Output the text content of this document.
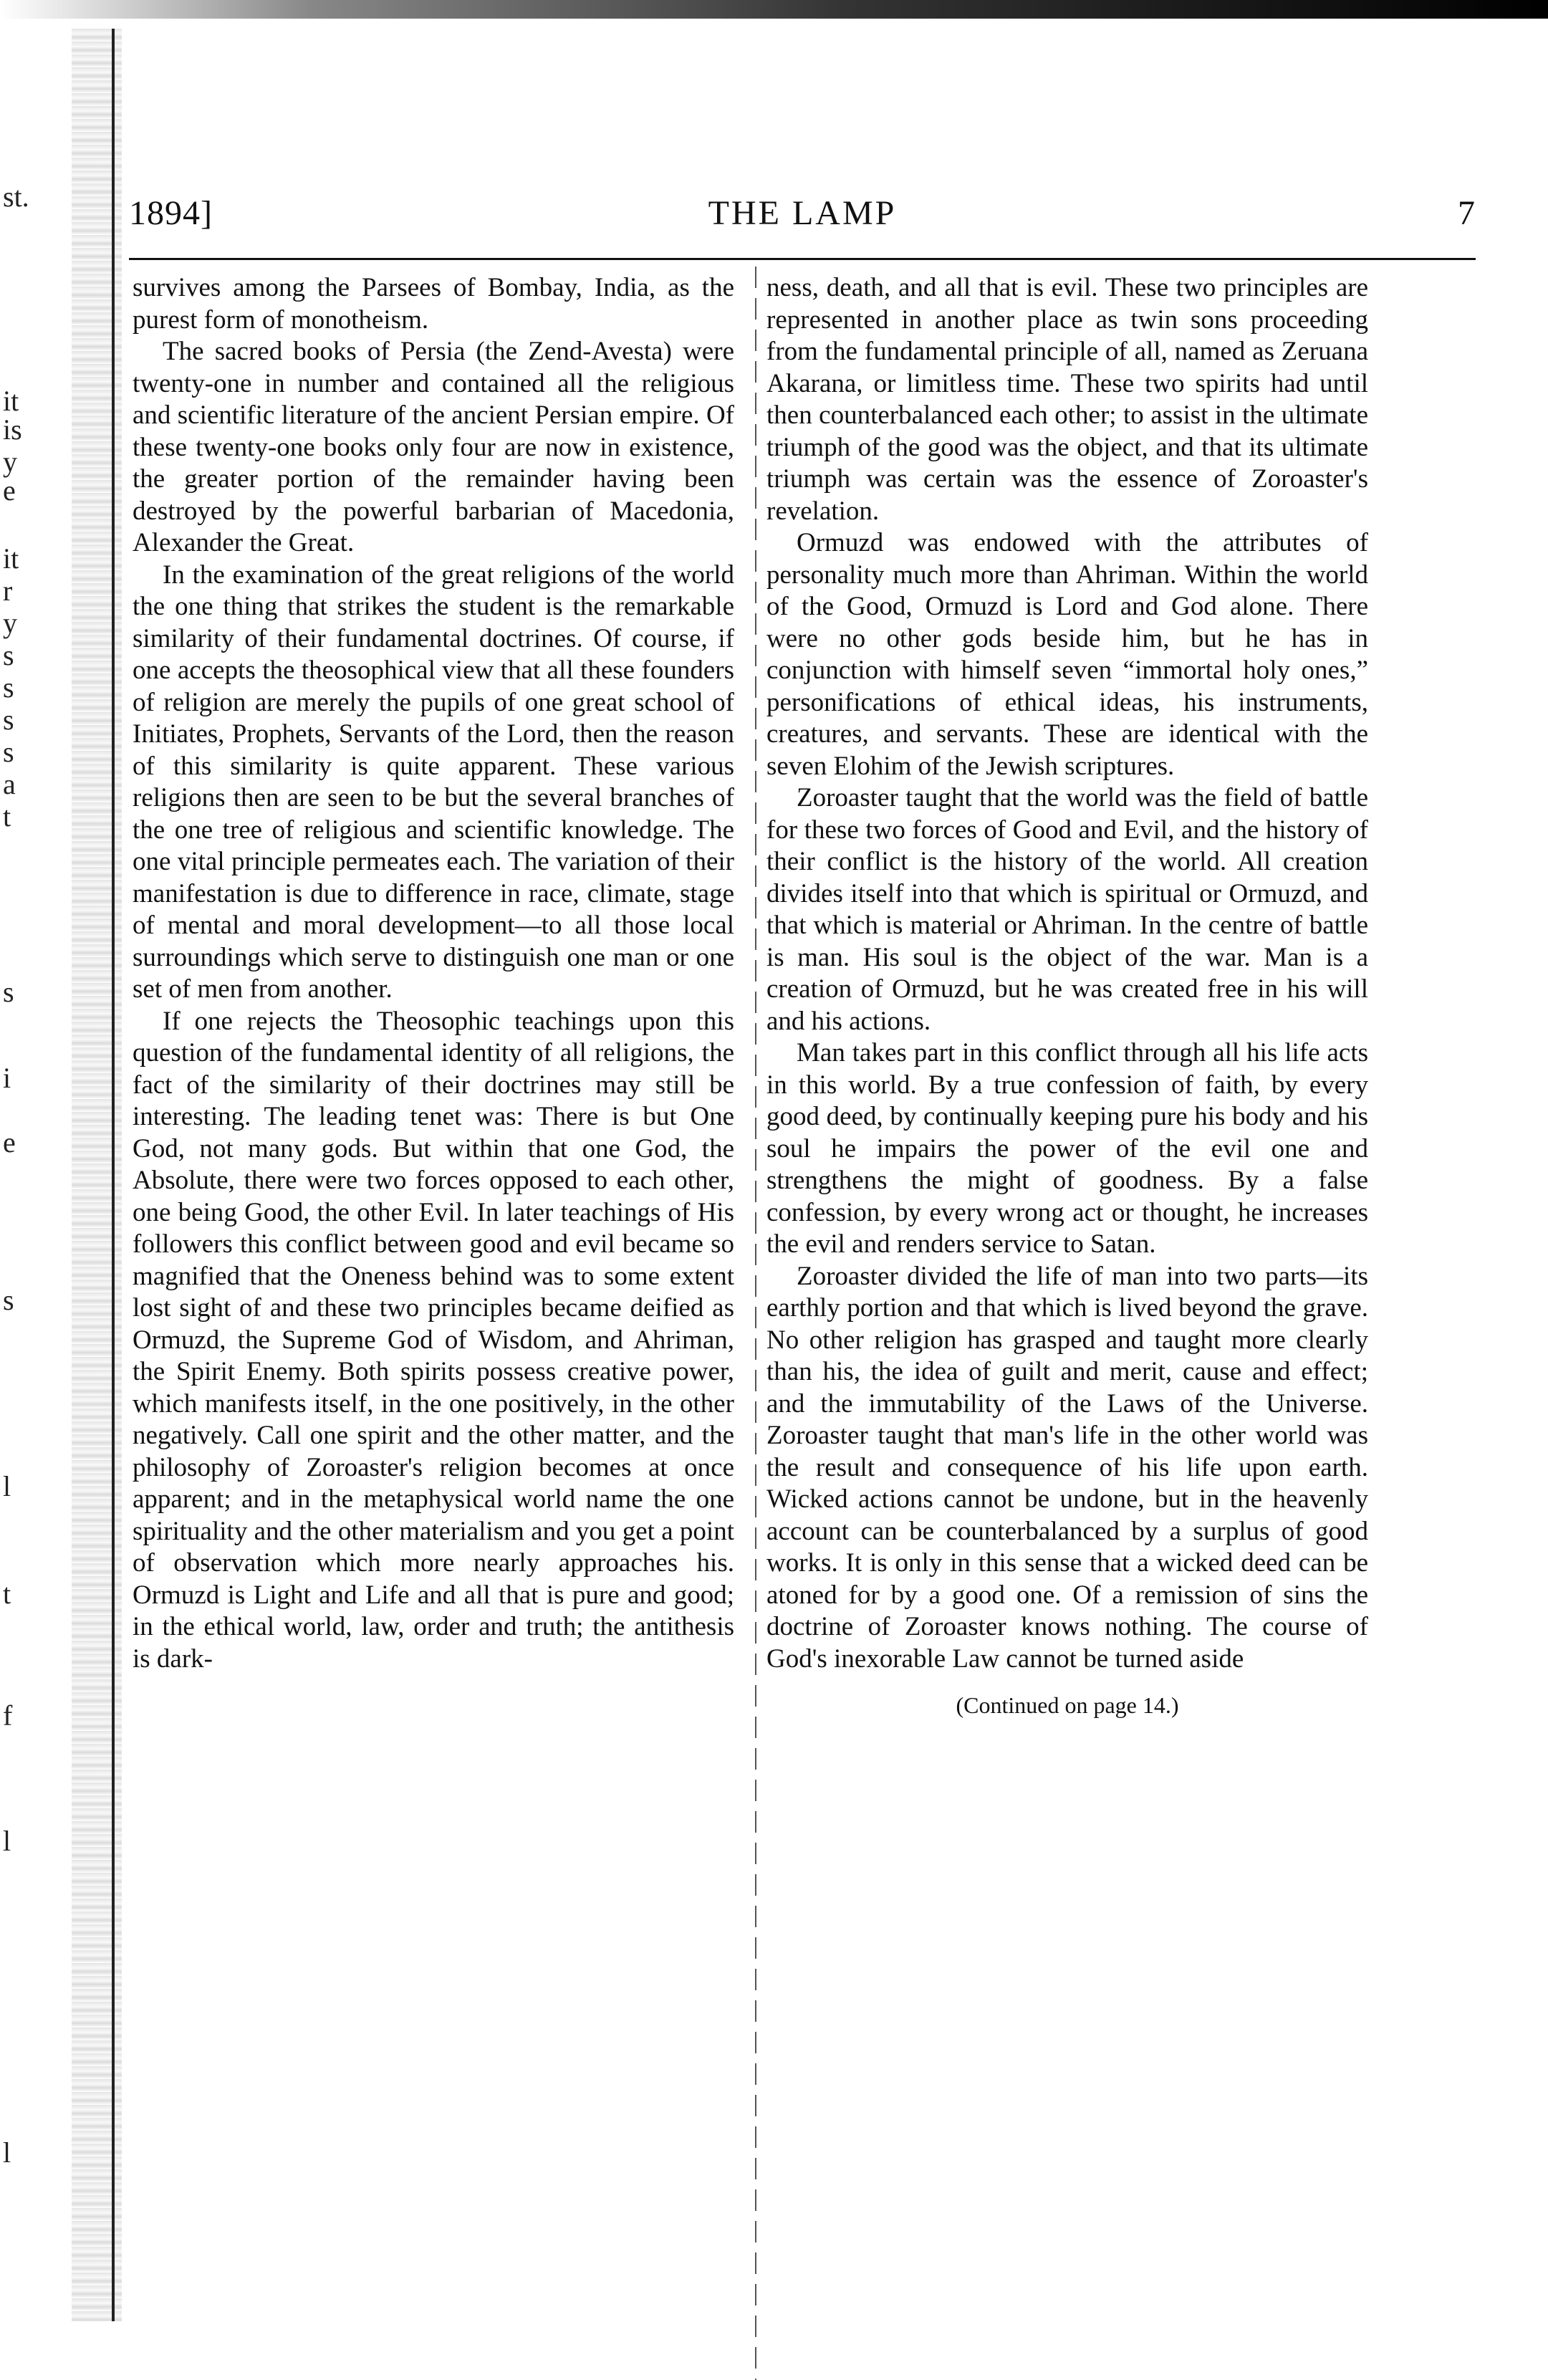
st.
it
is
y
e
it
r
y
s
s
s
s
a
t
s
i
e
s
l
t
f
l
l
1894]	THE LAMP	7

survives among the Parsees of Bombay, India, as the purest form of monotheism.

The sacred books of Persia (the Zend-Avesta) were twenty-one in number and contained all the religious and scientific literature of the ancient Persian empire. Of these twenty-one books only four are now in existence, the greater portion of the remainder having been destroyed by the powerful barbarian of Macedonia, Alexander the Great.

In the examination of the great religions of the world the one thing that strikes the student is the remarkable similarity of their fundamental doctrines. Of course, if one accepts the theosophical view that all these founders of religion are merely the pupils of one great school of Initiates, Prophets, Servants of the Lord, then the reason of this similarity is quite apparent. These various religions then are seen to be but the several branches of the one tree of religious and scientific knowledge. The one vital principle permeates each. The variation of their manifestation is due to difference in race, climate, stage of mental and moral development—to all those local surroundings which serve to distinguish one man or one set of men from another.

If one rejects the Theosophic teachings upon this question of the fundamental identity of all religions, the fact of the similarity of their doctrines may still be interesting. The leading tenet was: There is but One God, not many gods. But within that one God, the Absolute, there were two forces opposed to each other, one being Good, the other Evil. In later teachings of His followers this conflict between good and evil became so magnified that the Oneness behind was to some extent lost sight of and these two principles became deified as Ormuzd, the Supreme God of Wisdom, and Ahriman, the Spirit Enemy. Both spirits possess creative power, which manifests itself, in the one positively, in the other negatively. Call one spirit and the other matter, and the philosophy of Zoroaster's religion becomes at once apparent; and in the metaphysical world name the one spirituality and the other materialism and you get a point of observation which more nearly approaches his. Ormuzd is Light and Life and all that is pure and good; in the ethical world, law, order and truth; the antithesis is dark-

ness, death, and all that is evil. These two principles are represented in another place as twin sons proceeding from the fundamental principle of all, named as Zeruana Akarana, or limitless time. These two spirits had until then counterbalanced each other; to assist in the ultimate triumph of the good was the object, and that its ultimate triumph was certain was the essence of Zoroaster's revelation.

Ormuzd was endowed with the attributes of personality much more than Ahriman. Within the world of the Good, Ormuzd is Lord and God alone. There were no other gods beside him, but he has in conjunction with himself seven “immortal holy ones,” personifications of ethical ideas, his instruments, creatures, and servants. These are identical with the seven Elohim of the Jewish scriptures.

Zoroaster taught that the world was the field of battle for these two forces of Good and Evil, and the history of their conflict is the history of the world. All creation divides itself into that which is spiritual or Ormuzd, and that which is material or Ahriman. In the centre of battle is man. His soul is the object of the war. Man is a creation of Ormuzd, but he was created free in his will and his actions.

Man takes part in this conflict through all his life acts in this world. By a true confession of faith, by every good deed, by continually keeping pure his body and his soul he impairs the power of the evil one and strengthens the might of goodness. By a false confession, by every wrong act or thought, he increases the evil and renders service to Satan.

Zoroaster divided the life of man into two parts—its earthly portion and that which is lived beyond the grave. No other religion has grasped and taught more clearly than his, the idea of guilt and merit, cause and effect; and the immutability of the Laws of the Universe. Zoroaster taught that man's life in the other world was the result and consequence of his life upon earth. Wicked actions cannot be undone, but in the heavenly account can be counterbalanced by a surplus of good works. It is only in this sense that a wicked deed can be atoned for by a good one. Of a remission of sins the doctrine of Zoroaster knows nothing. The course of God's inexorable Law cannot be turned aside

(Continued on page 14.)
